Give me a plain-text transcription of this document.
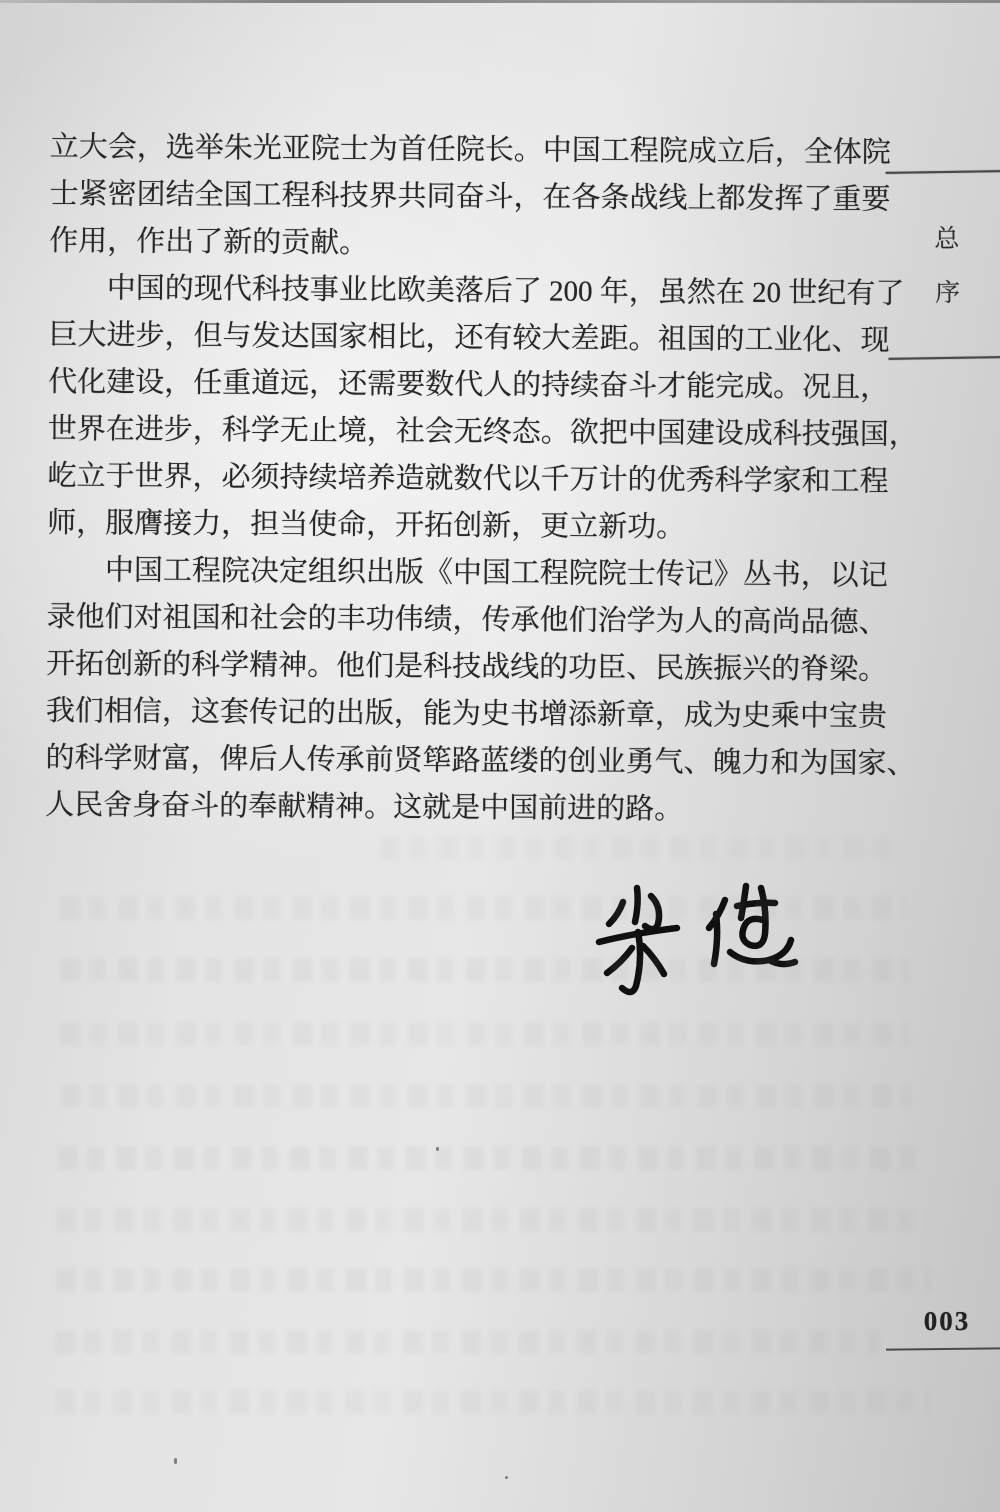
立大会，选举朱光亚院士为首任院长。中国工程院成立后，全体院
士紧密团结全国工程科技界共同奋斗，在各条战线上都发挥了重要
作用，作出了新的贡献。
中国的现代科技事业比欧美落后了 200 年，虽然在 20 世纪有了
巨大进步，但与发达国家相比，还有较大差距。祖国的工业化、现
代化建设，任重道远，还需要数代人的持续奋斗才能完成。况且，
世界在进步，科学无止境，社会无终态。欲把中国建设成科技强国，
屹立于世界，必须持续培养造就数代以千万计的优秀科学家和工程
师，服膺接力，担当使命，开拓创新，更立新功。
中国工程院决定组织出版《中国工程院院士传记》丛书，以记
录他们对祖国和社会的丰功伟绩，传承他们治学为人的高尚品德、
开拓创新的科学精神。他们是科技战线的功臣、民族振兴的脊梁。
我们相信，这套传记的出版，能为史书增添新章，成为史乘中宝贵
的科学财富，俾后人传承前贤筚路蓝缕的创业勇气、魄力和为国家、
人民舍身奋斗的奉献精神。这就是中国前进的路。
总
序
003
